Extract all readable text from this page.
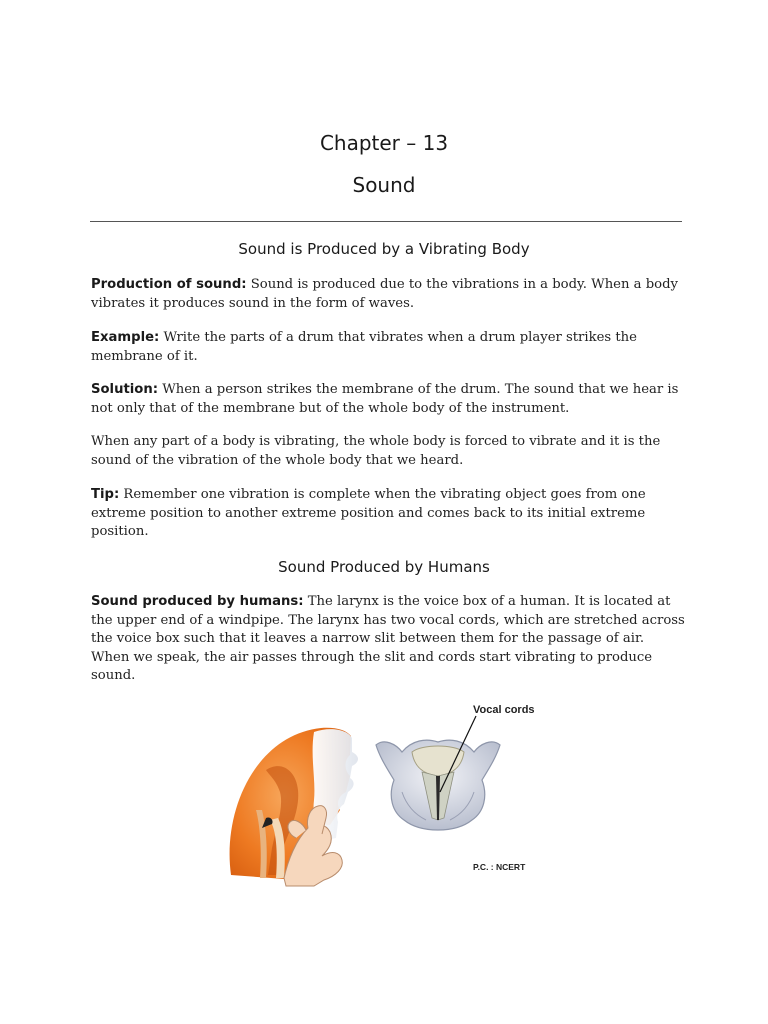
Chapter – 13
Sound
Sound is Produced by a Vibrating Body

Production of sound: Sound is produced due to the vibrations in a body. When a body vibrates it produces sound in the form of waves.

Example: Write the parts of a drum that vibrates when a drum player strikes the membrane of it.

Solution: When a person strikes the membrane of the drum. The sound that we hear is not only that of the membrane but of the whole body of the instrument.

When any part of a body is vibrating, the whole body is forced to vibrate and it is the sound of the vibration of the whole body that we heard.

Tip: Remember one vibration is complete when the vibrating object goes from one extreme position to another extreme position and comes back to its initial extreme position.

Sound Produced by Humans

Sound produced by humans: The larynx is the voice box of a human. It is located at the upper end of a windpipe. The larynx has two vocal cords, which are stretched across the voice box such that it leaves a narrow slit between them for the passage of air. When we speak, the air passes through the slit and cords start vibrating to produce sound.

Vocal cords
P.C. : NCERT
